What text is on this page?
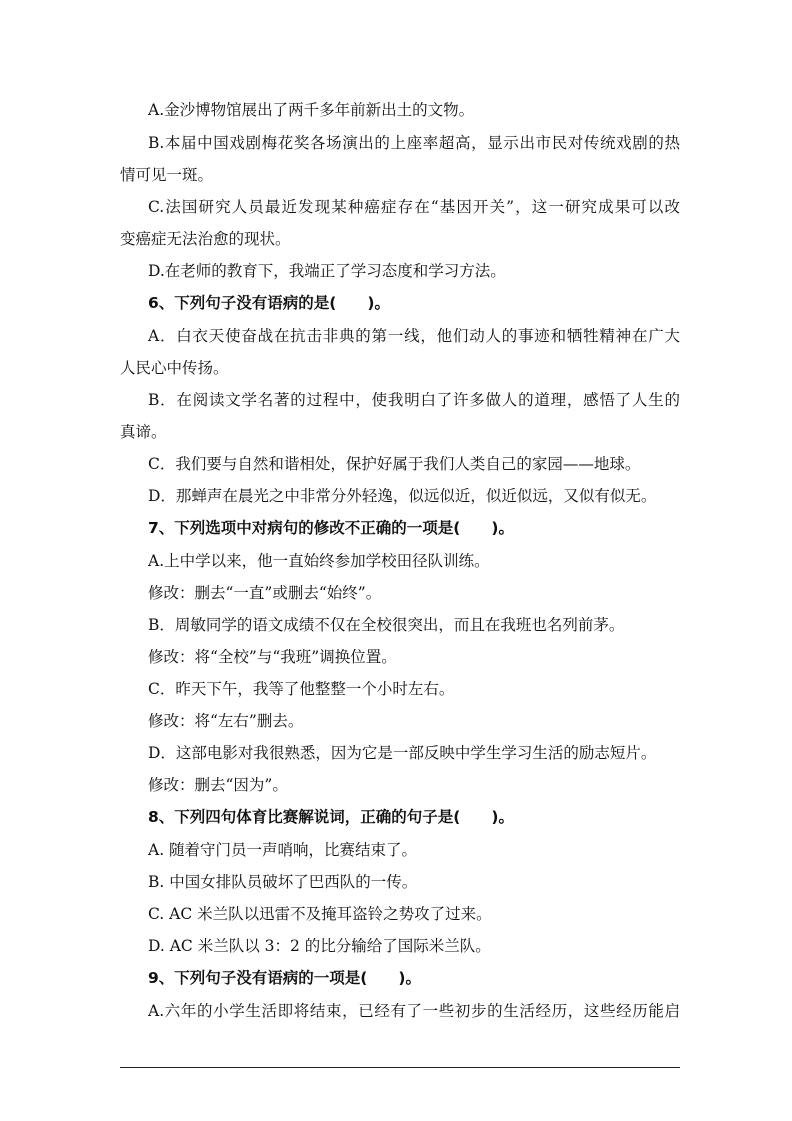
A.金沙博物馆展出了两千多年前新出土的文物。
B.本届中国戏剧梅花奖各场演出的上座率超高，显示出市民对传统戏剧的热
情可见一斑。
C.法国研究人员最近发现某种癌症存在“基因开关”，这一研究成果可以改
变癌症无法治愈的现状。
D.在老师的教育下，我端正了学习态度和学习方法。
6、下列句子没有语病的是(　　)。
A．白衣天使奋战在抗击非典的第一线，他们动人的事迹和牺牲精神在广大
人民心中传扬。
B．在阅读文学名著的过程中，使我明白了许多做人的道理，感悟了人生的
真谛。
C．我们要与自然和谐相处，保护好属于我们人类自己的家园——地球。
D．那蝉声在晨光之中非常分外轻逸，似远似近，似近似远，又似有似无。
7、下列选项中对病句的修改不正确的一项是(　　)。
A.上中学以来，他一直始终参加学校田径队训练。
修改：删去“一直”或删去“始终”。
B．周敏同学的语文成绩不仅在全校很突出，而且在我班也名列前茅。
修改：将“全校”与“我班”调换位置。
C．昨天下午，我等了他整整一个小时左右。
修改：将“左右”删去。
D．这部电影对我很熟悉，因为它是一部反映中学生学习生活的励志短片。
修改：删去“因为”。
8、下列四句体育比赛解说词，正确的句子是(　　)。
A. 随着守门员一声哨响，比赛结束了。
B. 中国女排队员破坏了巴西队的一传。
C. AC 米兰队以迅雷不及掩耳盗铃之势攻了过来。
D. AC 米兰队以 3：2 的比分输给了国际米兰队。
9、下列句子没有语病的一项是(　　)。
A.六年的小学生活即将结束，已经有了一些初步的生活经历，这些经历能启
